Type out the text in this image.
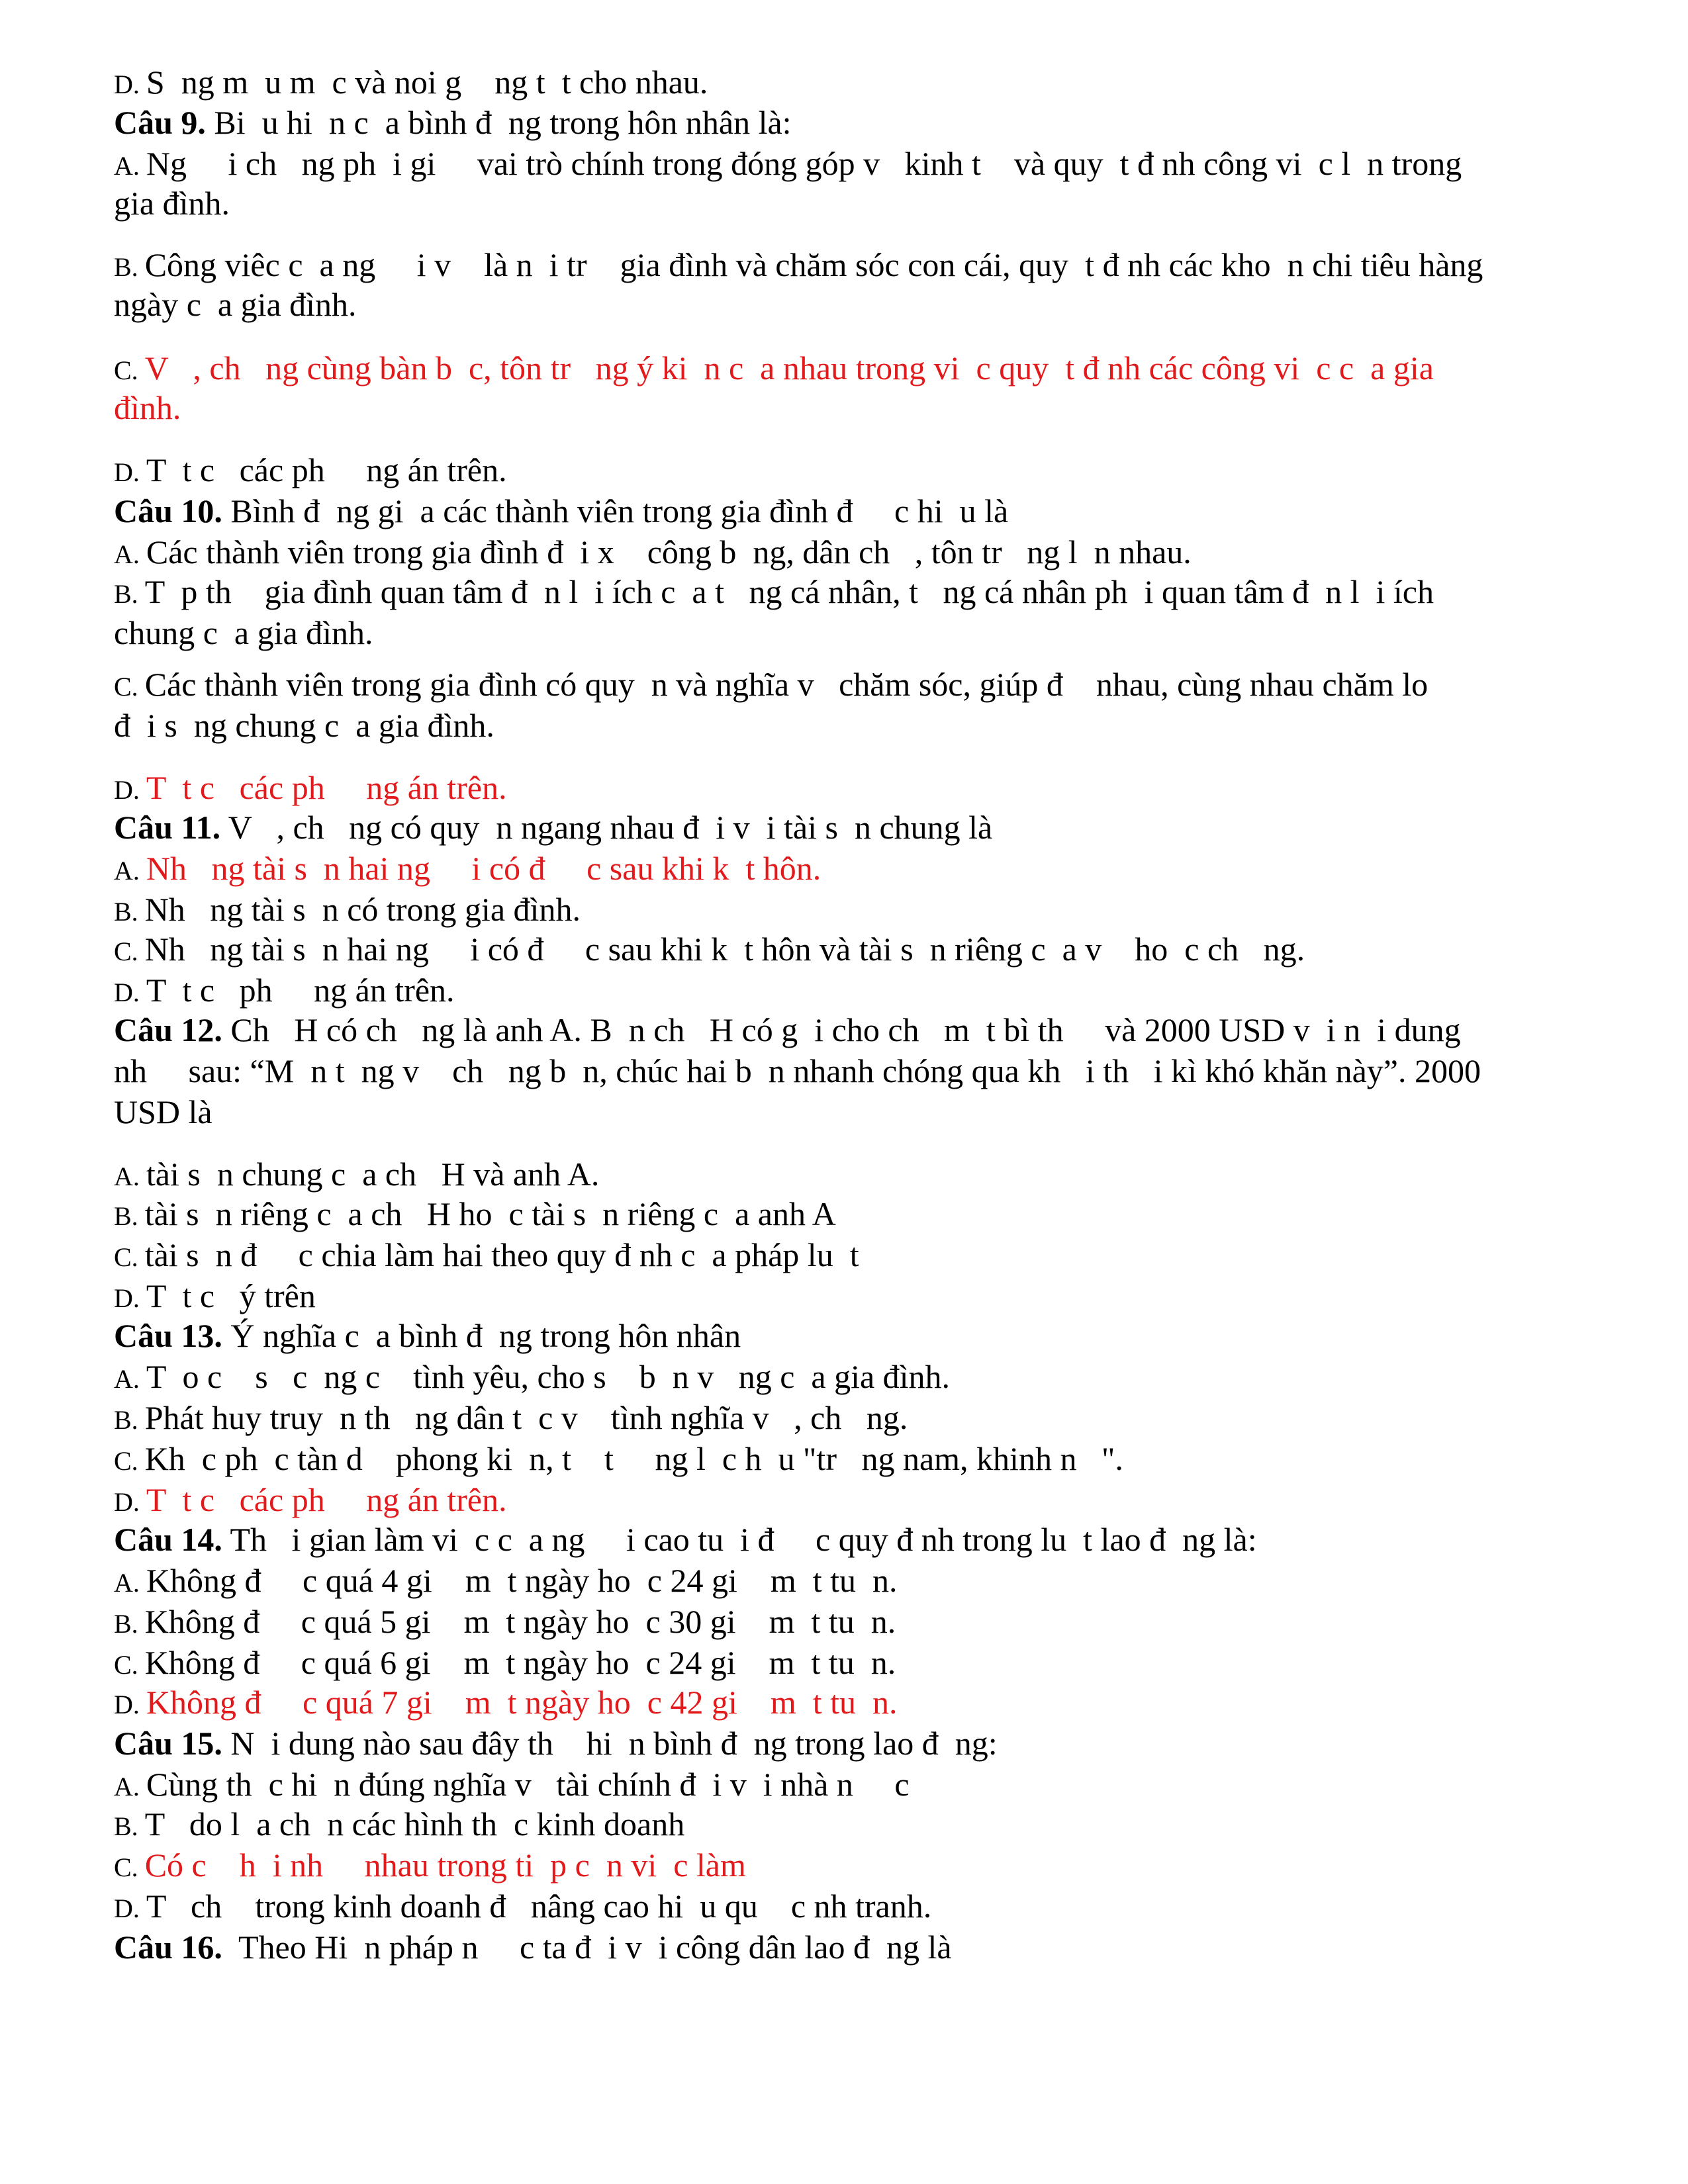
D. S  ng m  u m  c và noi g    ng t  t cho nhau.
Câu 9. Bi  u hi  n c  a bình đ  ng trong hôn nhân là:
A. Ng     i ch   ng ph  i gi     vai trò chính trong đóng góp v   kinh t    và quy  t đ nh công vi  c l  n trong
gia đình.
B. Công viêc c  a ng     i v    là n  i tr    gia đình và chăm sóc con cái, quy  t đ nh các kho  n chi tiêu hàng
ngày c  a gia đình.
C. V   , ch   ng cùng bàn b  c, tôn tr   ng ý ki  n c  a nhau trong vi  c quy  t đ nh các công vi  c c  a gia
đình.
D. T  t c   các ph     ng án trên.
Câu 10. Bình đ  ng gi  a các thành viên trong gia đình đ     c hi  u là
A. Các thành viên trong gia đình đ  i x    công b  ng, dân ch   , tôn tr   ng l  n nhau.
B. T  p th    gia đình quan tâm đ  n l  i ích c  a t   ng cá nhân, t   ng cá nhân ph  i quan tâm đ  n l  i ích
chung c  a gia đình.
C. Các thành viên trong gia đình có quy  n và nghĩa v   chăm sóc, giúp đ    nhau, cùng nhau chăm lo
đ  i s  ng chung c  a gia đình.
D. T  t c   các ph     ng án trên.
Câu 11. V   , ch   ng có quy  n ngang nhau đ  i v  i tài s  n chung là
A. Nh   ng tài s  n hai ng     i có đ     c sau khi k  t hôn.
B. Nh   ng tài s  n có trong gia đình.
C. Nh   ng tài s  n hai ng     i có đ     c sau khi k  t hôn và tài s  n riêng c  a v    ho  c ch   ng.
D. T  t c   ph     ng án trên.
Câu 12. Ch   H có ch   ng là anh A. B  n ch   H có g  i cho ch   m  t bì th     và 2000 USD v  i n  i dung
nh     sau: “M  n t  ng v    ch   ng b  n, chúc hai b  n nhanh chóng qua kh   i th   i kì khó khăn này”. 2000
USD là
A. tài s  n chung c  a ch   H và anh A.
B. tài s  n riêng c  a ch   H ho  c tài s  n riêng c  a anh A
C. tài s  n đ     c chia làm hai theo quy đ nh c  a pháp lu  t
D. T  t c   ý trên
Câu 13. Ý nghĩa c  a bình đ  ng trong hôn nhân
A. T  o c    s   c  ng c    tình yêu, cho s    b  n v   ng c  a gia đình.
B. Phát huy truy  n th   ng dân t  c v    tình nghĩa v   , ch   ng.
C. Kh  c ph  c tàn d    phong ki  n, t    t     ng l  c h  u "tr   ng nam, khinh n   ".
D. T  t c   các ph     ng án trên.
Câu 14. Th   i gian làm vi  c c  a ng     i cao tu  i đ     c quy đ nh trong lu  t lao đ  ng là:
A. Không đ     c quá 4 gi    m  t ngày ho  c 24 gi    m  t tu  n.
B. Không đ     c quá 5 gi    m  t ngày ho  c 30 gi    m  t tu  n.
C. Không đ     c quá 6 gi    m  t ngày ho  c 24 gi    m  t tu  n.
D. Không đ     c quá 7 gi    m  t ngày ho  c 42 gi    m  t tu  n.
Câu 15. N  i dung nào sau đây th    hi  n bình đ  ng trong lao đ  ng:
A. Cùng th  c hi  n đúng nghĩa v   tài chính đ  i v  i nhà n     c
B. T   do l  a ch  n các hình th  c kinh doanh
C. Có c    h  i nh     nhau trong ti  p c  n vi  c làm
D. T   ch    trong kinh doanh đ   nâng cao hi  u qu    c nh tranh.
Câu 16.  Theo Hi  n pháp n     c ta đ  i v  i công dân lao đ  ng là
